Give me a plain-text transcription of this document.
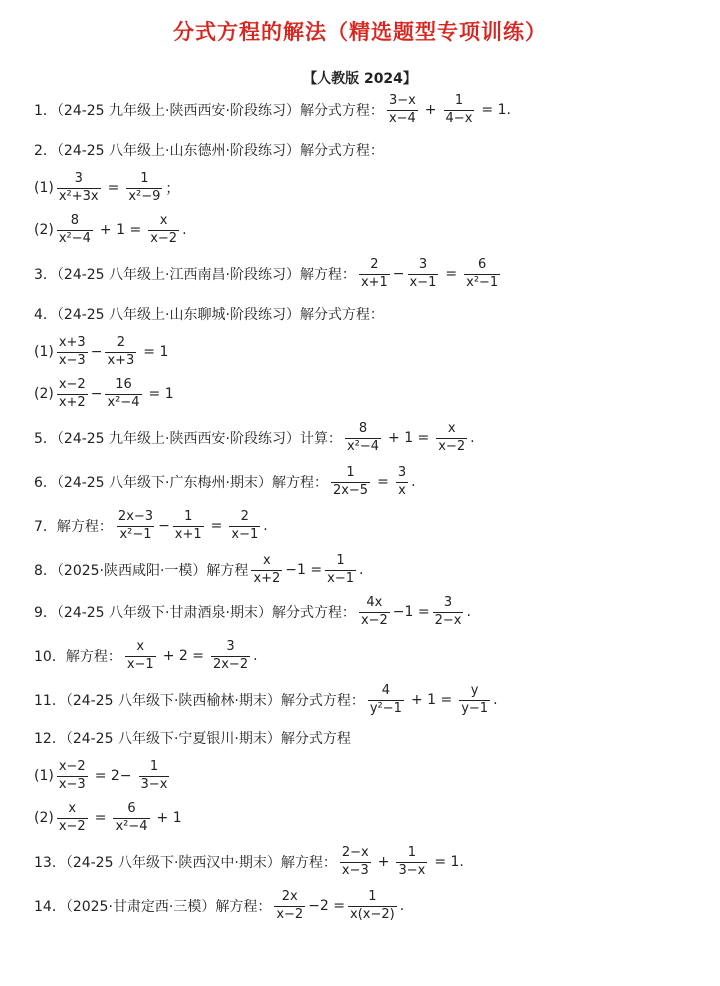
分式方程的解法（精选题型专项训练）
【人教版 2024】
1．（24-25 九年级上·陕西西安·阶段练习）解分式方程： $\frac{3-x}{x-4} + \frac{1}{4-x} = 1$.
2．（24-25 八年级上·山东德州·阶段练习）解分式方程：
$(1) \frac{3}{\text{x²+3x}} = \frac{1}{\text{x²−9}}$ ；
$(2) \frac{8}{\text{x²−4}} + 1 = \frac{x}{x-2}$ .
3．（24-25 八年级上·江西南昌·阶段练习）解方程： $\frac{2}{x+1} - \frac{3}{x-1} = \frac{6}{\text{x²−1}}$
4．（24-25 八年级上·山东聊城·阶段练习）解分式方程：
$(1) \frac{x+3}{x-3} - \frac{2}{x+3} = 1$
$(2) \frac{x-2}{x+2} - \frac{16}{\text{x²−4}} = 1$
5．（24-25 九年级上·陕西西安·阶段练习）计算： $\frac{8}{\text{x²−4}} + 1 = \frac{x}{x-2}$ .
6．（24-25 八年级下·广东梅州·期末）解方程： $\frac{1}{2x-5} = \frac{3}{x}$ .
7．解方程： $\frac{2x-3}{\text{x²−1}} - \frac{1}{x+1} = \frac{2}{x-1}$ .
8．（2025·陕西咸阳·一模）解方程 $\frac{x}{x+2} -1 = \frac{1}{x-1}$ .
9．（24-25 八年级下·甘肃酒泉·期末）解分式方程： $\frac{4x}{x-2} -1 = \frac{3}{2-x}$ .
10．解方程： $\frac{x}{x-1} + 2 = \frac{3}{2x-2}$ .
11．（24-25 八年级下·陕西榆林·期末）解分式方程： $\frac{4}{\text{y²−1}} + 1 = \frac{y}{y-1}$ .
12．（24-25 八年级下·宁夏银川·期末）解分式方程
$(1) \frac{x-2}{x-3} = 2- \frac{1}{3-x}$
$(2) \frac{x}{x-2} = \frac{6}{\text{x²−4}} + 1$
13．（24-25 八年级下·陕西汉中·期末）解方程： $\frac{2-x}{x-3} + \frac{1}{3-x} = 1$.
14．（2025·甘肃定西·三模）解方程： $\frac{2x}{x-2} -2 = \frac{1}{x(x-2)}$ .
